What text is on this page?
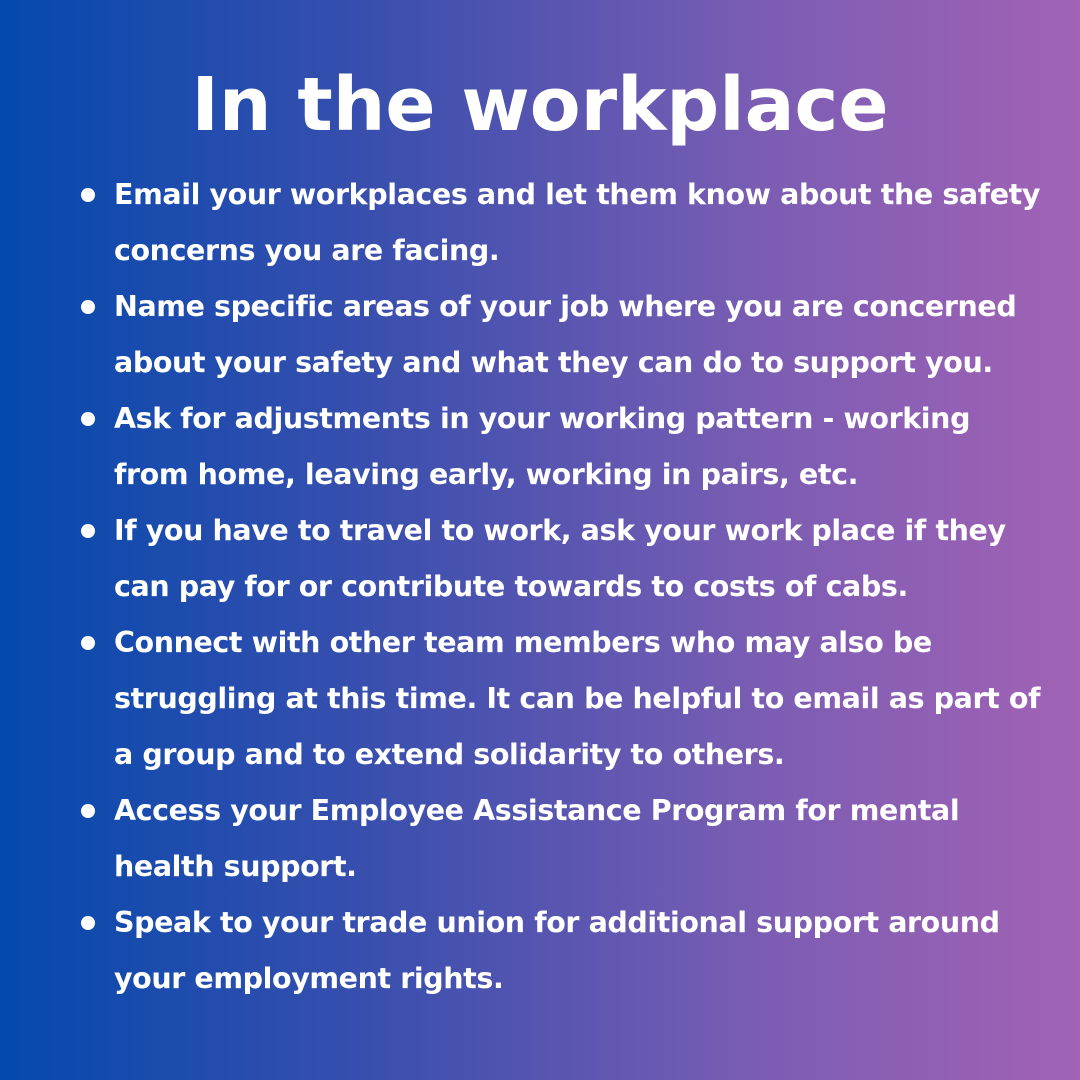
In the workplace
Email your workplaces and let them know about the safety concerns you are facing.
Name specific areas of your job where you are concerned about your safety and what they can do to support you.
Ask for adjustments in your working pattern - working from home, leaving early, working in pairs, etc.
If you have to travel to work, ask your work place if they can pay for or contribute towards to costs of cabs.
Connect with other team members who may also be struggling at this time. It can be helpful to email as part of a group and to extend solidarity to others.
Access your Employee Assistance Program for mental health support.
Speak to your trade union for additional support around your employment rights.
